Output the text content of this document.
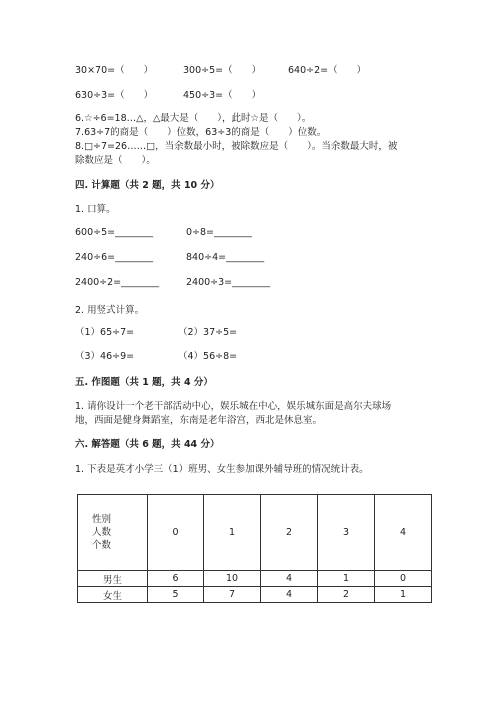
30×70=（　　）	300÷5=（　　）	640÷2=（　　）
630÷3=（　　）	450÷3=（　　）
6.☆÷6=18…△，△最大是（　　），此时☆是（　　）。
7.63÷7的商是（　　）位数，63÷3的商是（　　）位数。
8.□÷7=26……□，当余数最小时，被除数应是（　　）。当余数最大时，被
除数应是（　　）。
四. 计算题（共 2 题，共 10 分）
1. 口算。
600÷5=________	0÷8=________
240÷6=________	840÷4=________
2400÷2=________	2400÷3=________
2. 用竖式计算。
（1）65÷7=	（2）37÷5=
（3）46÷9=	（4）56÷8=
五. 作图题（共 1 题，共 4 分）
1. 请你设计一个老干部活动中心，娱乐城在中心，娱乐城东面是高尔夫球场
地，西面是健身舞蹈室，东南是老年浴宫，西北是休息室。
六. 解答题（共 6 题，共 44 分）
1. 下表是英才小学三（1）班男、女生参加课外辅导班的情况统计表。
性别
人数
个数	0	1	2	3	4
男生	6	10	4	1	0
女生	5	7	4	2	1
